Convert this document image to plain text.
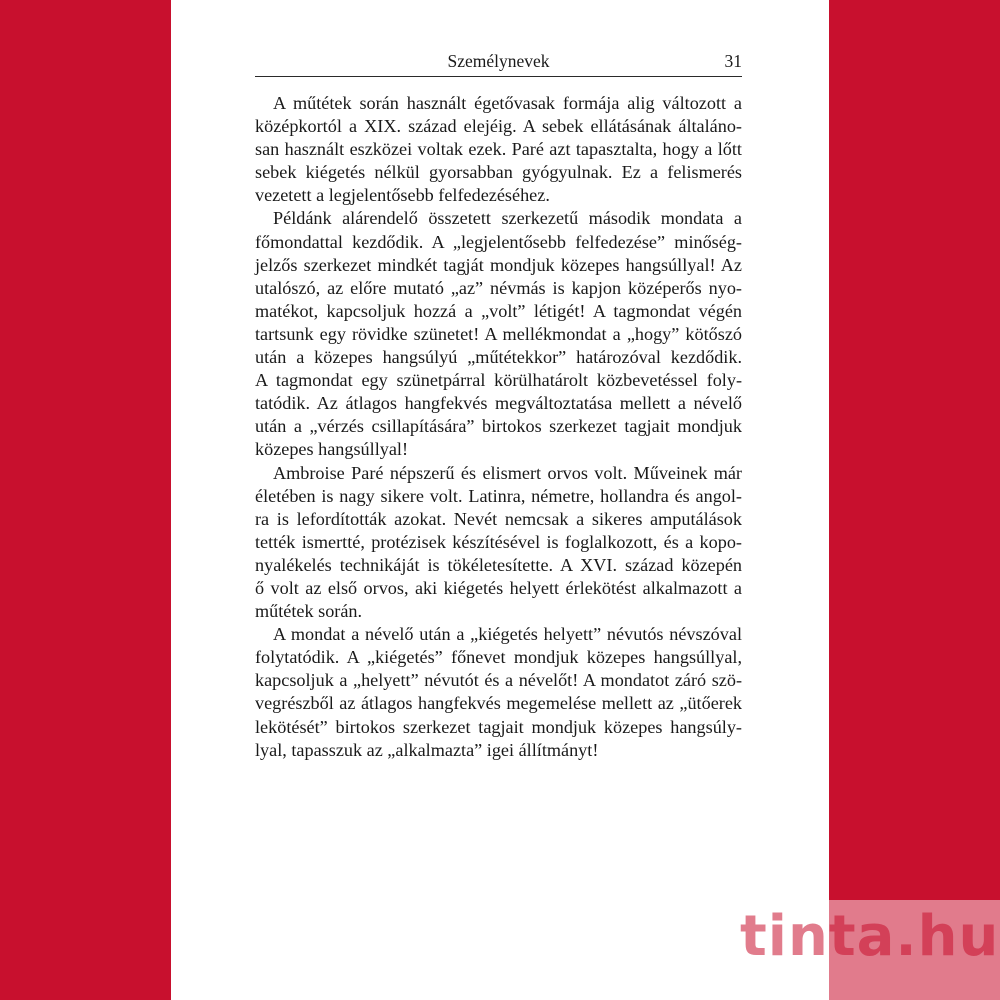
Személynevek	31

A műtétek során használt égetővasak formája alig változott a
középkortól a XIX. század elejéig. A sebek ellátásának általáno-
san használt eszközei voltak ezek. Paré azt tapasztalta, hogy a lőtt
sebek kiégetés nélkül gyorsabban gyógyulnak. Ez a felismerés
vezetett a legjelentősebb felfedezéséhez.

Példánk alárendelő összetett szerkezetű második mondata a
főmondattal kezdődik. A „legjelentősebb felfedezése” minőség-
jelzős szerkezet mindkét tagját mondjuk közepes hangsúllyal! Az
utalószó, az előre mutató „az” névmás is kapjon középerős nyo-
matékot, kapcsoljuk hozzá a „volt” létigét! A tagmondat végén
tartsunk egy rövidke szünetet! A mellékmondat a „hogy” kötőszó
után a közepes hangsúlyú „műtétekkor” határozóval kezdődik.
A tagmondat egy szünetpárral körülhatárolt közbevetéssel foly-
tatódik. Az átlagos hangfekvés megváltoztatása mellett a névelő
után a „vérzés csillapítására” birtokos szerkezet tagjait mondjuk
közepes hangsúllyal!

Ambroise Paré népszerű és elismert orvos volt. Műveinek már
életében is nagy sikere volt. Latinra, németre, hollandra és angol-
ra is lefordították azokat. Nevét nemcsak a sikeres amputálások
tették ismertté, protézisek készítésével is foglalkozott, és a kopo-
nyalékelés technikáját is tökéletesítette. A XVI. század közepén
ő volt az első orvos, aki kiégetés helyett érlekötést alkalmazott a
műtétek során.

A mondat a névelő után a „kiégetés helyett” névutós névszóval
folytatódik. A „kiégetés” főnevet mondjuk közepes hangsúllyal,
kapcsoljuk a „helyett” névutót és a névelőt! A mondatot záró szö-
vegrészből az átlagos hangfekvés megemelése mellett az „ütőerek
lekötését” birtokos szerkezet tagjait mondjuk közepes hangsúly-
lyal, tapasszuk az „alkalmazta” igei állítmányt!

tinta.hu
